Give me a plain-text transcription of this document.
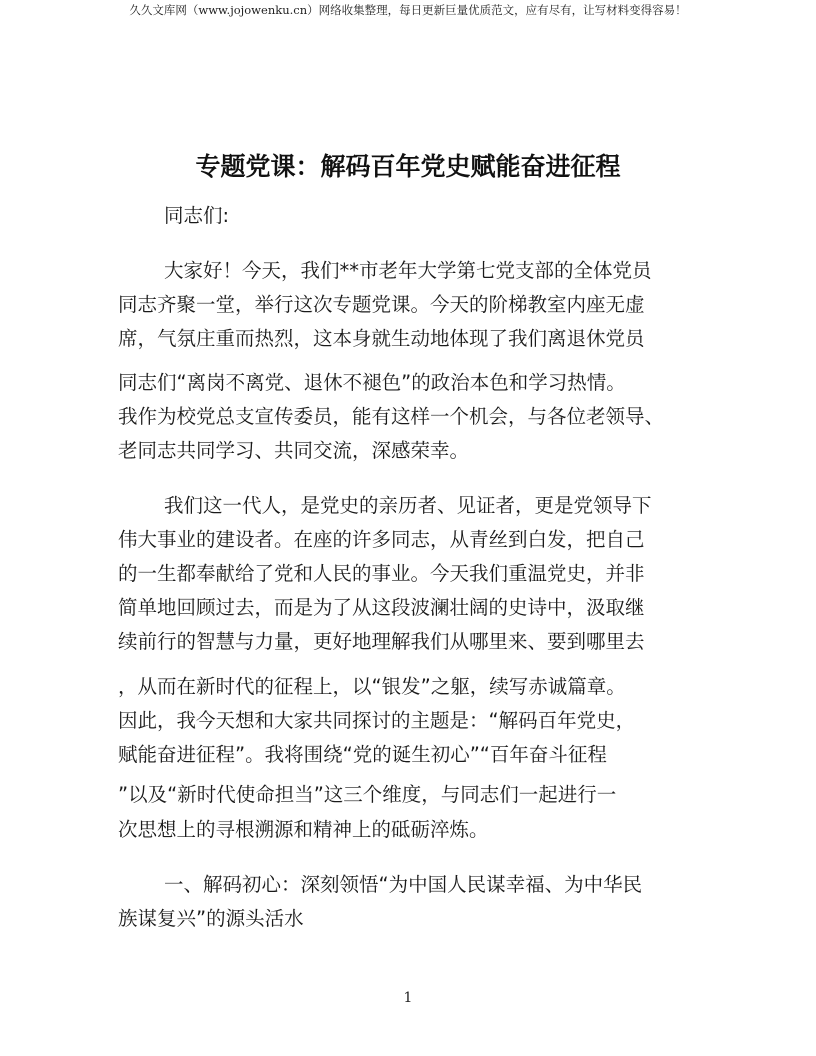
久久文库网（www.jojowenku.cn）网络收集整理，每日更新巨量优质范文，应有尽有，让写材料变得容易！
专题党课：解码百年党史赋能奋进征程
同志们:
大家好！今天，我们**市老年大学第七党支部的全体党员
同志齐聚一堂，举行这次专题党课。今天的阶梯教室内座无虚
席，气氛庄重而热烈，这本身就生动地体现了我们离退休党员
同志们“离岗不离党、退休不褪色”的政治本色和学习热情。
我作为校党总支宣传委员，能有这样一个机会，与各位老领导、
老同志共同学习、共同交流，深感荣幸。
我们这一代人，是党史的亲历者、见证者，更是党领导下
伟大事业的建设者。在座的许多同志，从青丝到白发，把自己
的一生都奉献给了党和人民的事业。今天我们重温党史，并非
简单地回顾过去，而是为了从这段波澜壮阔的史诗中，汲取继
续前行的智慧与力量，更好地理解我们从哪里来、要到哪里去
，从而在新时代的征程上，以“银发”之躯，续写赤诚篇章。
因此，我今天想和大家共同探讨的主题是：“解码百年党史，
赋能奋进征程”。我将围绕“党的诞生初心”“百年奋斗征程
”以及“新时代使命担当”这三个维度，与同志们一起进行一
次思想上的寻根溯源和精神上的砥砺淬炼。
一、解码初心：深刻领悟“为中国人民谋幸福、为中华民
族谋复兴”的源头活水
1
